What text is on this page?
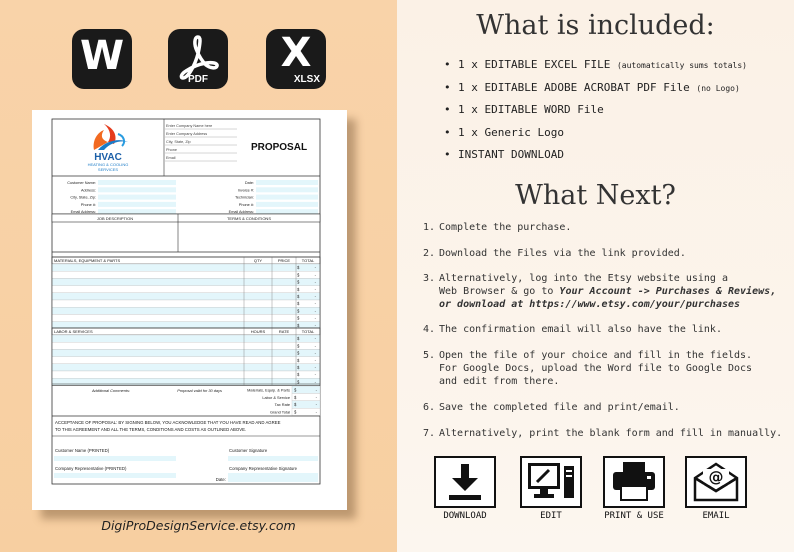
W
PDF
X
XLSX
HVAC
HEATING & COOLING
SERVICES
Enter Company Name here
Enter Company Address
City, State, Zip
Phone
Email
PROPOSAL
Customer Name:	Date:
Address:	Invoice #:
City, State, Zip:	Technician:
Phone #:	Phone #:
Email Address:	Email Address:
JOB DESCRIPTION	TERMS & CONDITIONS
MATERIALS, EQUIPMENT & PARTS	QTY	PRICE	TOTAL
$	-
$	-
$	-
$	-
$	-
$	-
$	-
$	-
$	-
LABOR & SERVICES	HOURS	RATE	TOTAL
$	-
$	-
$	-
$	-
$	-
$	-
$	-
Additional Comments:	Proposal valid for 30 days	Materials, Equip. & Parts $	-
Labor & Service $	-
Tax Rate $	-
Grand Total $	-
ACCEPTANCE OF PROPOSAL: BY SIGNING BELOW, YOU ACKNOWLEDGE THAT YOU HAVE READ AND AGREE
TO THIS AGREEMENT AND ALL THE TERMS, CONDITIONS AND COSTS AS OUTLINED ABOVE.
Customer Name (PRINTED)	Customer Signature
Company Representative (PRINTED)	Company Representative Signature
Date:
DigiProDesignService.etsy.com
What is included:
• 1 x EDITABLE EXCEL FILE (automatically sums totals)
• 1 x EDITABLE ADOBE ACROBAT PDF File (no Logo)
• 1 x EDITABLE WORD File
• 1 x Generic Logo
• INSTANT DOWNLOAD
What Next?
1. Complete the purchase.
2. Download the Files via the link provided.
3. Alternatively, log into the Etsy website using a
Web Browser & go to Your Account -> Purchases & Reviews,
or download at https://www.etsy.com/your/purchases
4. The confirmation email will also have the link.
5. Open the file of your choice and fill in the fields.
For Google Docs, upload the Word file to Google Docs
and edit from there.
6. Save the completed file and print/email.
7. Alternatively, print the blank form and fill in manually.
DOWNLOAD	EDIT	PRINT & USE
@
EMAIL
